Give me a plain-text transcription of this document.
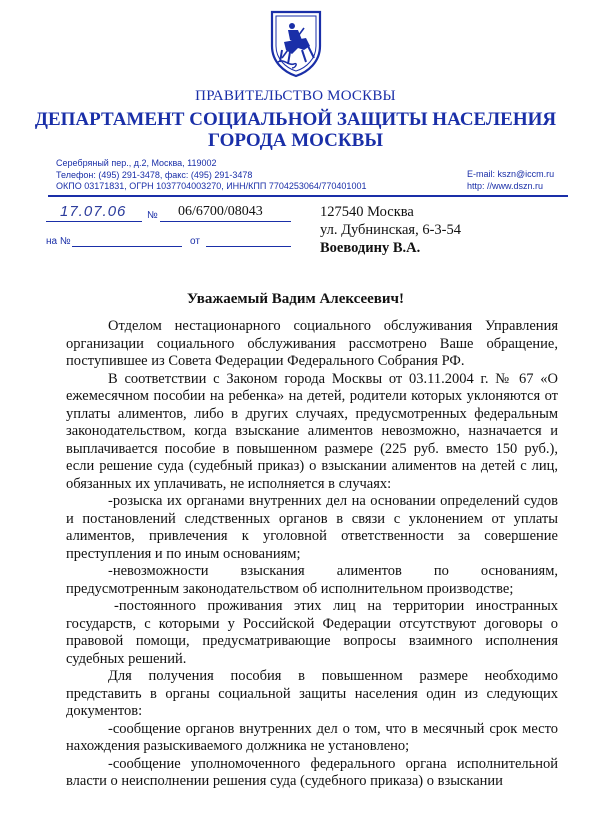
ПРАВИТЕЛЬСТВО МОСКВЫ
ДЕПАРТАМЕНТ СОЦИАЛЬНОЙ ЗАЩИТЫ НАСЕЛЕНИЯ
ГОРОДА МОСКВЫ
Серебряный пер., д.2, Москва, 119002
Телефон: (495) 291-3478, факс: (495) 291-3478
ОКПО 03171831, ОГРН 1037704003270, ИНН/КПП 7704253064/770401001
E-mail: kszn@iccm.ru
http: //www.dszn.ru
17.07.06 № 06/6700/08043
на №	от
127540 Москва
ул. Дубнинская, 6-3-54
Воеводину В.А.
Уважаемый Вадим Алексеевич!

Отделом нестационарного социального обслуживания Управления организации социального обслуживания рассмотрено Ваше обращение, поступившее из Совета Федерации Федерального Собрания РФ.

В соответствии с Законом города Москвы от 03.11.2004 г. № 67 «О ежемесячном пособии на ребенка» на детей, родители которых уклоняются от уплаты алиментов, либо в других случаях, предусмотренных федеральным законодательством, когда взыскание алиментов невозможно, назначается и выплачивается пособие в повышенном размере (225 руб. вместо 150 руб.), если решение суда (судебный приказ) о взыскании алиментов на детей с лиц, обязанных их уплачивать, не исполняется в случаях:

-розыска их органами внутренних дел на основании определений судов и постановлений следственных органов в связи с уклонением от уплаты алиментов, привлечения к уголовной ответственности за совершение преступления и по иным основаниям;

-невозможности взыскания алиментов по основаниям, предусмотренным законодательством об исполнительном производстве;

-постоянного проживания этих лиц на территории иностранных государств, с которыми у Российской Федерации отсутствуют договоры о правовой помощи, предусматривающие вопросы взаимного исполнения судебных решений.

Для получения пособия в повышенном размере необходимо представить в органы социальной защиты населения один из следующих документов:

-сообщение органов внутренних дел о том, что в месячный срок место нахождения разыскиваемого должника не установлено;

-сообщение уполномоченного федерального органа исполнительной власти о неисполнении решения суда (судебного приказа) о взыскании
